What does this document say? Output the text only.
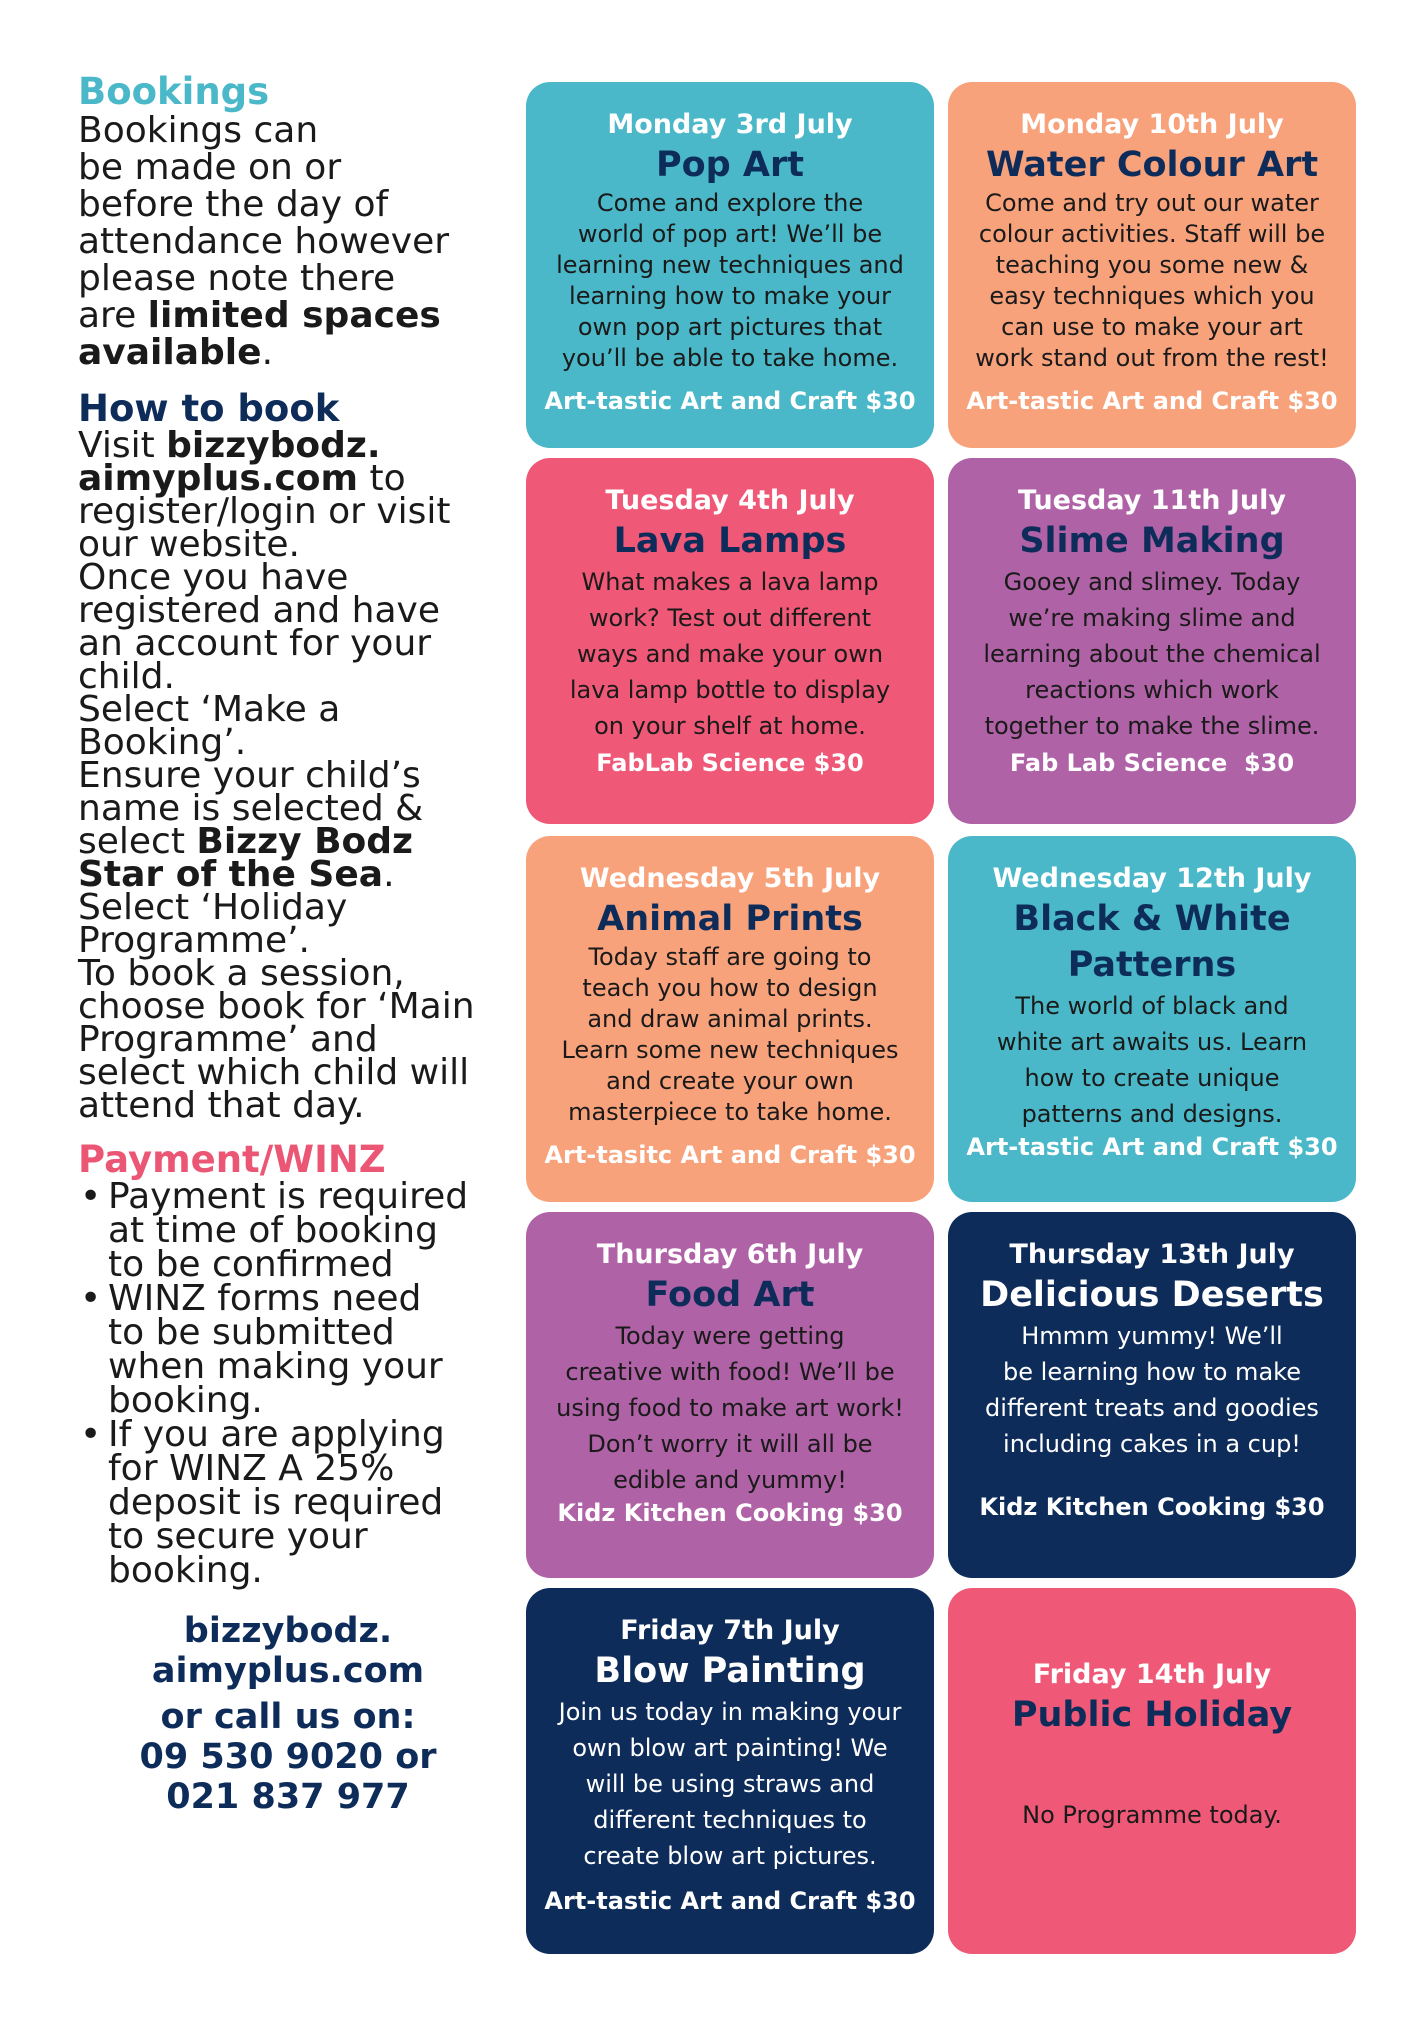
Bookings
Bookings can
be made on or
before the day of
attendance however
please note there
are limited spaces
available.
How to book
Visit bizzybodz.
aimyplus.com to
register/login or visit
our website.
Once you have
registered and have
an account for your
child.
Select ‘Make a
Booking’.
Ensure your child’s
name is selected &
select Bizzy Bodz
Star of the Sea.
Select ‘Holiday
Programme’.
To book a session,
choose book for ‘Main
Programme’ and
select which child will
attend that day.
Payment/WINZ
• Payment is required
at time of booking
to be confirmed
• WINZ forms need
to be submitted
when making your
booking.
• If you are applying
for WINZ A 25%
deposit is required
to secure your
booking.
bizzybodz.
aimyplus.com
or call us on:
09 530 9020 or
021 837 977
Monday 3rd July
Pop Art
Come and explore the
world of pop art! We’ll be
learning new techniques and
learning how to make your
own pop art pictures that
you’ll be able to take home.
Art-tastic Art and Craft $30
Monday 10th July
Water Colour Art
Come and try out our water
colour activities. Staff will be
teaching you some new &
easy techniques which you
can use to make your art
work stand out from the rest!
Art-tastic Art and Craft $30
Tuesday 4th July
Lava Lamps
What makes a lava lamp
work? Test out different
ways and make your own
lava lamp bottle to display
on your shelf at home.
FabLab Science $30
Tuesday 11th July
Slime Making
Gooey and slimey. Today
we’re making slime and
learning about the chemical
reactions which work
together to make the slime.
Fab Lab Science  $30
Wednesday 5th July
Animal Prints
Today staff are going to
teach you how to design
and draw animal prints.
Learn some new techniques
and create your own
masterpiece to take home.
Art-tasitc Art and Craft $30
Wednesday 12th July
Black & White
Patterns
The world of black and
white art awaits us. Learn
how to create unique
patterns and designs.
Art-tastic Art and Craft $30
Thursday 6th July
Food Art
Today were getting
creative with food! We’ll be
using food to make art work!
Don’t worry it will all be
edible and yummy!
Kidz Kitchen Cooking $30
Thursday 13th July
Delicious Deserts
Hmmm yummy! We’ll
be learning how to make
different treats and goodies
including cakes in a cup!
Kidz Kitchen Cooking $30
Friday 7th July
Blow Painting
Join us today in making your
own blow art painting! We
will be using straws and
different techniques to
create blow art pictures.
Art-tastic Art and Craft $30
Friday 14th July
Public Holiday
No Programme today.
